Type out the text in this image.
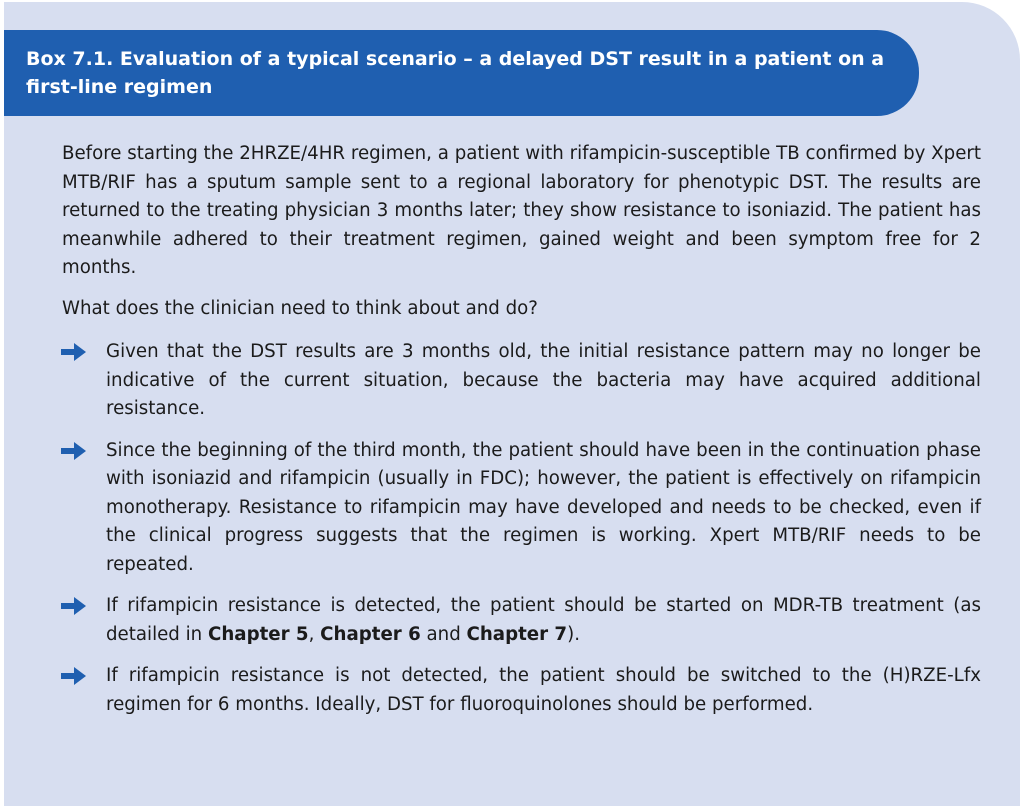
Box 7.1. Evaluation of a typical scenario – a delayed DST result in a patient on a first-line regimen

Before starting the 2HRZE/4HR regimen, a patient with rifampicin-susceptible TB confirmed by Xpert MTB/RIF has a sputum sample sent to a regional laboratory for phenotypic DST. The results are returned to the treating physician 3 months later; they show resistance to isoniazid. The patient has meanwhile adhered to their treatment regimen, gained weight and been symptom free for 2 months.

What does the clinician need to think about and do?

Given that the DST results are 3 months old, the initial resistance pattern may no longer be indicative of the current situation, because the bacteria may have acquired additional resistance.

Since the beginning of the third month, the patient should have been in the continuation phase with isoniazid and rifampicin (usually in FDC); however, the patient is effectively on rifampicin monotherapy. Resistance to rifampicin may have developed and needs to be checked, even if the clinical progress suggests that the regimen is working. Xpert MTB/RIF needs to be repeated.

If rifampicin resistance is detected, the patient should be started on MDR-TB treatment (as detailed in Chapter 5, Chapter 6 and Chapter 7).

If rifampicin resistance is not detected, the patient should be switched to the (H)RZE-Lfx regimen for 6 months. Ideally, DST for fluoroquinolones should be performed.
